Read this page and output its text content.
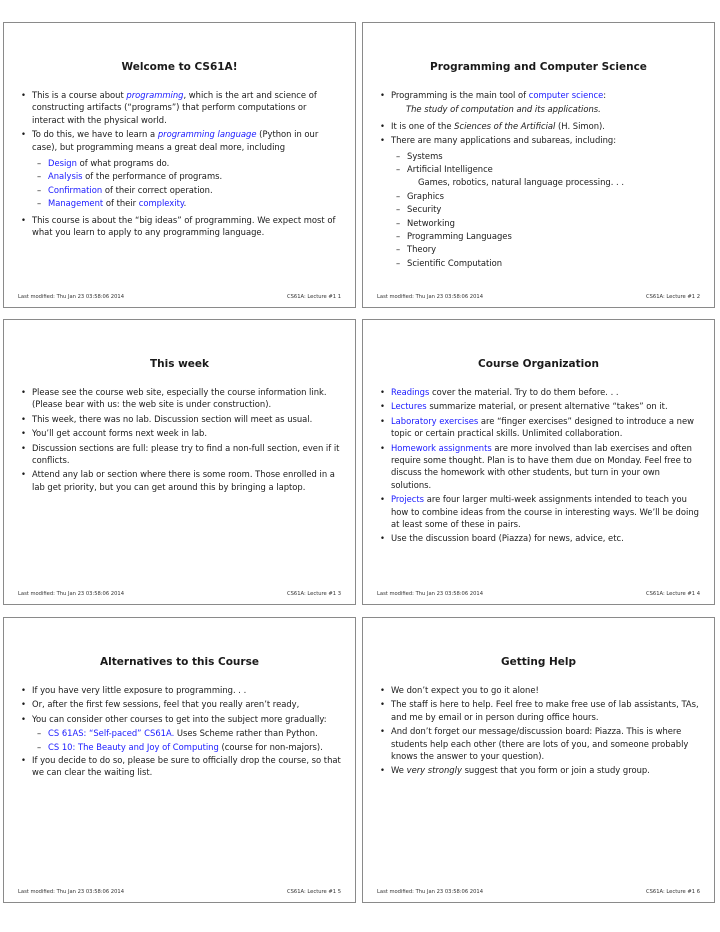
Welcome to CS61A!
• This is a course about programming, which is the art and science of constructing artifacts (“programs”) that perform computations or interact with the physical world.
• To do this, we have to learn a programming language (Python in our case), but programming means a great deal more, including
– Design of what programs do.
– Analysis of the performance of programs.
– Confirmation of their correct operation.
– Management of their complexity.
• This course is about the “big ideas” of programming. We expect most of what you learn to apply to any programming language.
Last modified: Thu Jan 23 03:58:06 2014	CS61A: Lecture #1 1
Programming and Computer Science
• Programming is the main tool of computer science:
The study of computation and its applications.
• It is one of the Sciences of the Artificial (H. Simon).
• There are many applications and subareas, including:
– Systems
– Artificial Intelligence
Games, robotics, natural language processing. . .
– Graphics
– Security
– Networking
– Programming Languages
– Theory
– Scientific Computation
Last modified: Thu Jan 23 03:58:06 2014	CS61A: Lecture #1 2
This week
• Please see the course web site, especially the course information link. (Please bear with us: the web site is under construction).
• This week, there was no lab. Discussion section will meet as usual.
• You’ll get account forms next week in lab.
• Discussion sections are full: please try to find a non-full section, even if it conflicts.
• Attend any lab or section where there is some room. Those enrolled in a lab get priority, but you can get around this by bringing a laptop.
Last modified: Thu Jan 23 03:58:06 2014	CS61A: Lecture #1 3
Course Organization
• Readings cover the material. Try to do them before. . .
• Lectures summarize material, or present alternative “takes” on it.
• Laboratory exercises are “finger exercises” designed to introduce a new topic or certain practical skills. Unlimited collaboration.
• Homework assignments are more involved than lab exercises and often require some thought. Plan is to have them due on Monday. Feel free to discuss the homework with other students, but turn in your own solutions.
• Projects are four larger multi-week assignments intended to teach you how to combine ideas from the course in interesting ways. We’ll be doing at least some of these in pairs.
• Use the discussion board (Piazza) for news, advice, etc.
Last modified: Thu Jan 23 03:58:06 2014	CS61A: Lecture #1 4
Alternatives to this Course
• If you have very little exposure to programming. . .
• Or, after the first few sessions, feel that you really aren’t ready,
• You can consider other courses to get into the subject more gradually:
– CS 61AS: “Self-paced” CS61A. Uses Scheme rather than Python.
– CS 10: The Beauty and Joy of Computing (course for non-majors).
• If you decide to do so, please be sure to officially drop the course, so that we can clear the waiting list.
Last modified: Thu Jan 23 03:58:06 2014	CS61A: Lecture #1 5
Getting Help
• We don’t expect you to go it alone!
• The staff is here to help. Feel free to make free use of lab assistants, TAs, and me by email or in person during office hours.
• And don’t forget our message/discussion board: Piazza. This is where students help each other (there are lots of you, and someone probably knows the answer to your question).
• We very strongly suggest that you form or join a study group.
Last modified: Thu Jan 23 03:58:06 2014	CS61A: Lecture #1 6
